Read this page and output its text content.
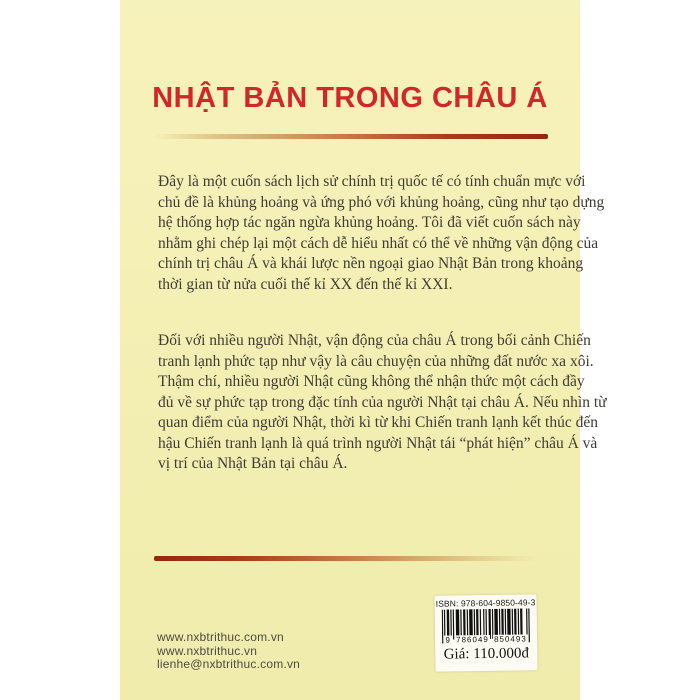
NHẬT BẢN TRONG CHÂU Á
Đây là một cuốn sách lịch sử chính trị quốc tế có tính chuẩn mực với
chủ đề là khủng hoảng và ứng phó với khủng hoảng, cũng như tạo dựng
hệ thống hợp tác ngăn ngừa khủng hoảng. Tôi đã viết cuốn sách này
nhằm ghi chép lại một cách dễ hiểu nhất có thể về những vận động của
chính trị châu Á và khái lược nền ngoại giao Nhật Bản trong khoảng
thời gian từ nửa cuối thế kỉ XX đến thế kỉ XXI.
Đối với nhiều người Nhật, vận động của châu Á trong bối cảnh Chiến
tranh lạnh phức tạp như vậy là câu chuyện của những đất nước xa xôi.
Thậm chí, nhiều người Nhật cũng không thể nhận thức một cách đầy
đủ về sự phức tạp trong đặc tính của người Nhật tại châu Á. Nếu nhìn từ
quan điểm của người Nhật, thời kì từ khi Chiến tranh lạnh kết thúc đến
hậu Chiến tranh lạnh là quá trình người Nhật tái “phát hiện” châu Á và
vị trí của Nhật Bản tại châu Á.
www.nxbtrithuc.com.vn
www.nxbtrithuc.vn
lienhe@nxbtrithuc.com.vn
ISBN: 978-604-9850-49-3
9 786049 850493
Giá: 110.000đ
